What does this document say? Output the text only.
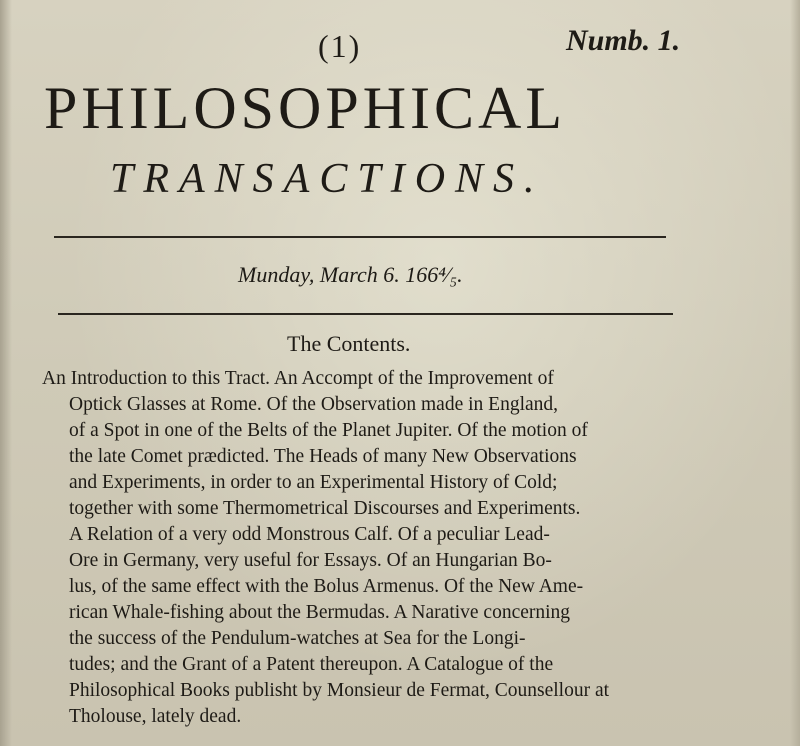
(1)	Numb. 1.
PHILOSOPHICAL
TRANSACTIONS.
Munday, March 6. 166⁴⁄₅.
The Contents.
An Introduction to this Tract. An Accompt of the Improvement of
Optick Glasses at Rome. Of the Observation made in England,
of a Spot in one of the Belts of the Planet Jupiter. Of the motion of
the late Comet prædicted. The Heads of many New Observations
and Experiments, in order to an Experimental History of Cold;
together with some Thermometrical Discourses and Experiments.
A Relation of a very odd Monstrous Calf. Of a peculiar Lead-
Ore in Germany, very useful for Essays. Of an Hungarian Bo-
lus, of the same effect with the Bolus Armenus. Of the New Ame-
rican Whale-fishing about the Bermudas. A Narative concerning
the success of the Pendulum-watches at Sea for the Longi-
tudes; and the Grant of a Patent thereupon. A Catalogue of the
Philosophical Books publisht by Monsieur de Fermat, Counsellour at
Tholouse, lately dead.
